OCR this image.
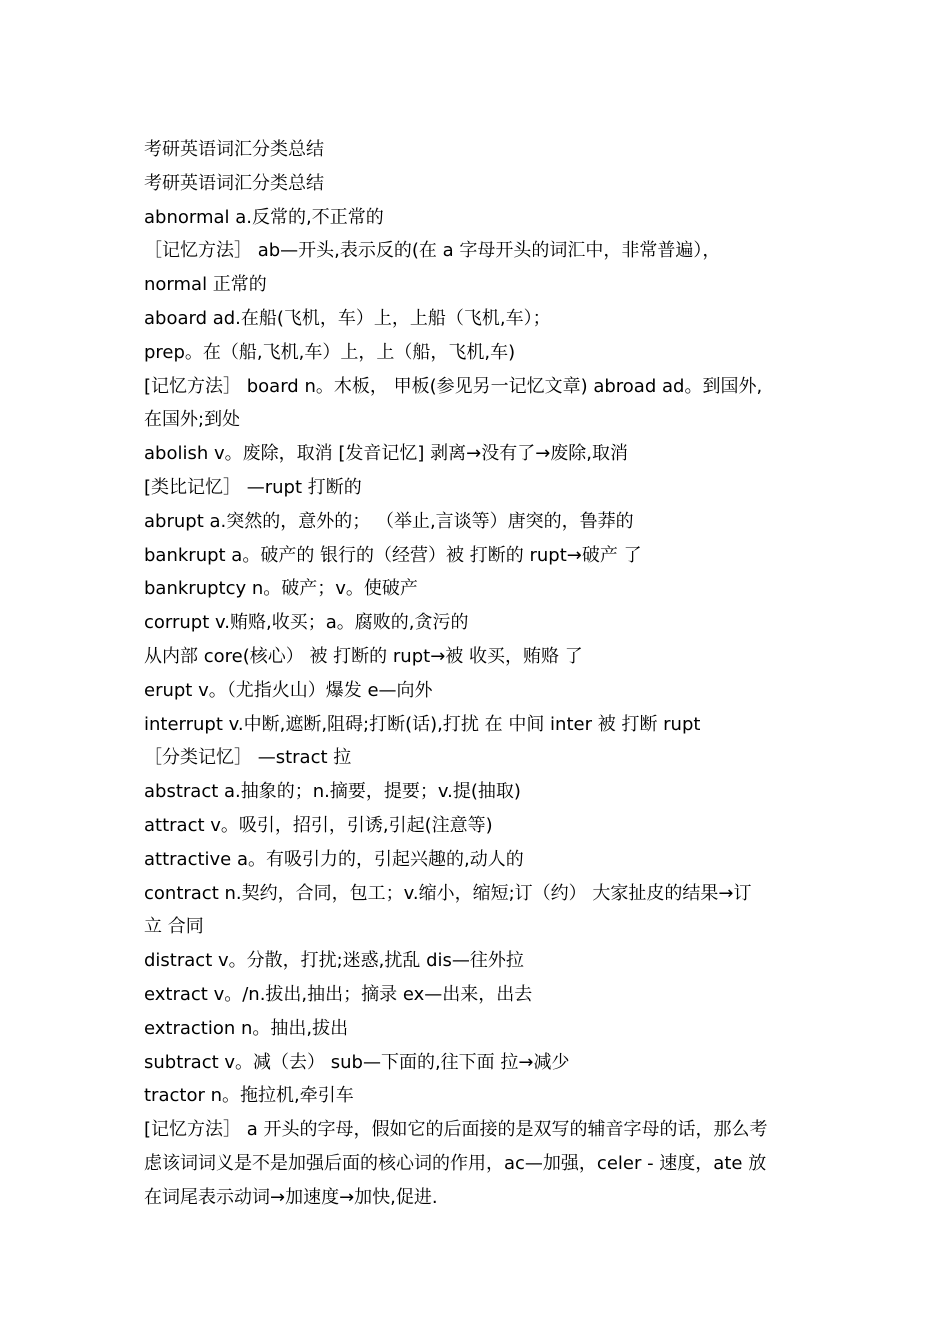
考研英语词汇分类总结
考研英语词汇分类总结
abnormal a.反常的,不正常的
［记忆方法］ ab—开头,表示反的(在 a 字母开头的词汇中，非常普遍），
normal 正常的
aboard ad.在船(飞机，车）上，上船（飞机,车）；
prep。在（船,飞机,车）上，上（船，飞机,车)
[记忆方法］ board n。木板， 甲板(参见另一记忆文章) abroad ad。到国外,
在国外;到处
abolish v。废除，取消 [发音记忆] 剥离→没有了→废除,取消
[类比记忆］ —rupt 打断的
abrupt a.突然的，意外的； （举止,言谈等）唐突的，鲁莽的
bankrupt a。破产的 银行的（经营）被 打断的 rupt→破产 了
bankruptcy n。破产；v。使破产
corrupt v.贿赂,收买；a。腐败的,贪污的
从内部 core(核心） 被 打断的 rupt→被 收买，贿赂 了
erupt v。（尤指火山）爆发 e—向外
interrupt v.中断,遮断,阻碍;打断(话),打扰 在 中间 inter 被 打断 rupt
［分类记忆］ —stract 拉
abstract a.抽象的；n.摘要，提要；v.提(抽取)
attract v。吸引，招引，引诱,引起(注意等)
attractive a。有吸引力的，引起兴趣的,动人的
contract n.契约，合同，包工；v.缩小，缩短;订（约） 大家扯皮的结果→订
立 合同
distract v。分散，打扰;迷惑,扰乱 dis—往外拉
extract v。/n.拔出,抽出；摘录 ex—出来，出去
extraction n。抽出,拔出
subtract v。减（去） sub—下面的,往下面 拉→减少
tractor n。拖拉机,牵引车
[记忆方法］ a 开头的字母，假如它的后面接的是双写的辅音字母的话，那么考
虑该词词义是不是加强后面的核心词的作用，ac—加强，celer - 速度，ate 放
在词尾表示动词→加速度→加快,促进.
